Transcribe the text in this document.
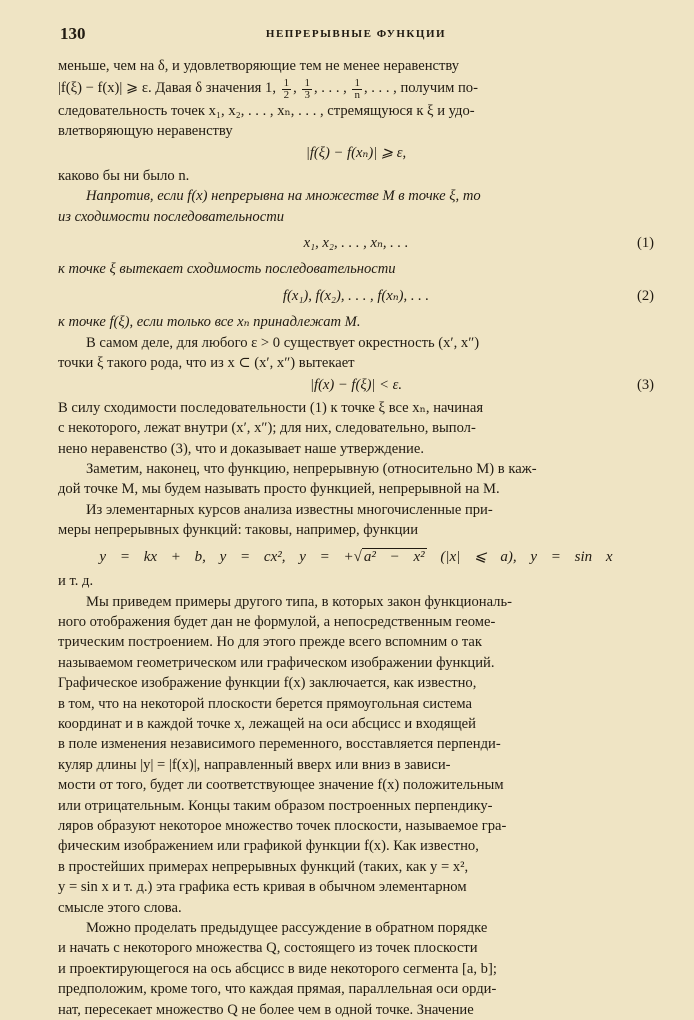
130	НЕПРЕРЫВНЫЕ ФУНКЦИИ

меньше, чем на δ, и удовлетворяющие тем не менее неравенству

|f(ξ) − f(x)| ⩾ ε. Давая δ значения 1, $\frac{1}{2}$ , $\frac{1}{3}$ , . . . , $\frac{1}{n}$ , . . . , получим по-

следовательность точек x₁, x₂, . . . , xₙ, . . . , стремящуюся к ξ и удо-

влетворяющую неравенству

|f(ξ) − f(xₙ)| ⩾ ε,

каково бы ни было n.

Напротив, если f(x) непрерывна на множестве M в точке ξ, то

из сходимости последовательности

x₁, x₂, . . . , xₙ, . . .	(1)

к точке ξ вытекает сходимость последовательности

f(x₁), f(x₂), . . . , f(xₙ), . . .	(2)

к точке f(ξ), если только все xₙ принадлежат M.

В самом деле, для любого ε > 0 существует окрестность (x′, x″)

точки ξ такого рода, что из x ⊂ (x′, x″) вытекает

|f(x) − f(ξ)| < ε.	(3)

В силу сходимости последовательности (1) к точке ξ все xₙ, начиная

с некоторого, лежат внутри (x′, x″); для них, следовательно, выпол-

нено неравенство (3), что и доказывает наше утверждение.

Заметим, наконец, что функцию, непрерывную (относительно M) в каж-

дой точке M, мы будем называть просто функцией, непрерывной на M.

Из элементарных курсов анализа известны многочисленные при-

меры непрерывных функций: таковы, например, функции

y = kx + b, y = cx², y = +√ a² − x² (|x| ⩽ a), y = sin x

и т. д.

Мы приведем примеры другого типа, в которых закон функциональ-

ного отображения будет дан не формулой, а непосредственным геоме-

трическим построением. Но для этого прежде всего вспомним о так

называемом геометрическом или графическом изображении функций.

Графическое изображение функции f(x) заключается, как известно,

в том, что на некоторой плоскости берется прямоугольная система

координат и в каждой точке x, лежащей на оси абсцисс и входящей

в поле изменения независимого переменного, восставляется перпенди-

куляр длины |y| = |f(x)|, направленный вверх или вниз в зависи-

мости от того, будет ли соответствующее значение f(x) положительным

или отрицательным. Концы таким образом построенных перпендику-

ляров образуют некоторое множество точек плоскости, называемое гра-

фическим изображением или графикой функции f(x). Как известно,

в простейших примерах непрерывных функций (таких, как y = x²,

y = sin x и т. д.) эта графика есть кривая в обычном элементарном

смысле этого слова.

Можно проделать предыдущее рассуждение в обратном порядке

и начать с некоторого множества Q, состоящего из точек плоскости

и проектирующегося на ось абсцисс в виде некоторого сегмента [a, b];

предположим, кроме того, что каждая прямая, параллельная оси орди-

нат, пересекает множество Q не более чем в одной точке. Значение
